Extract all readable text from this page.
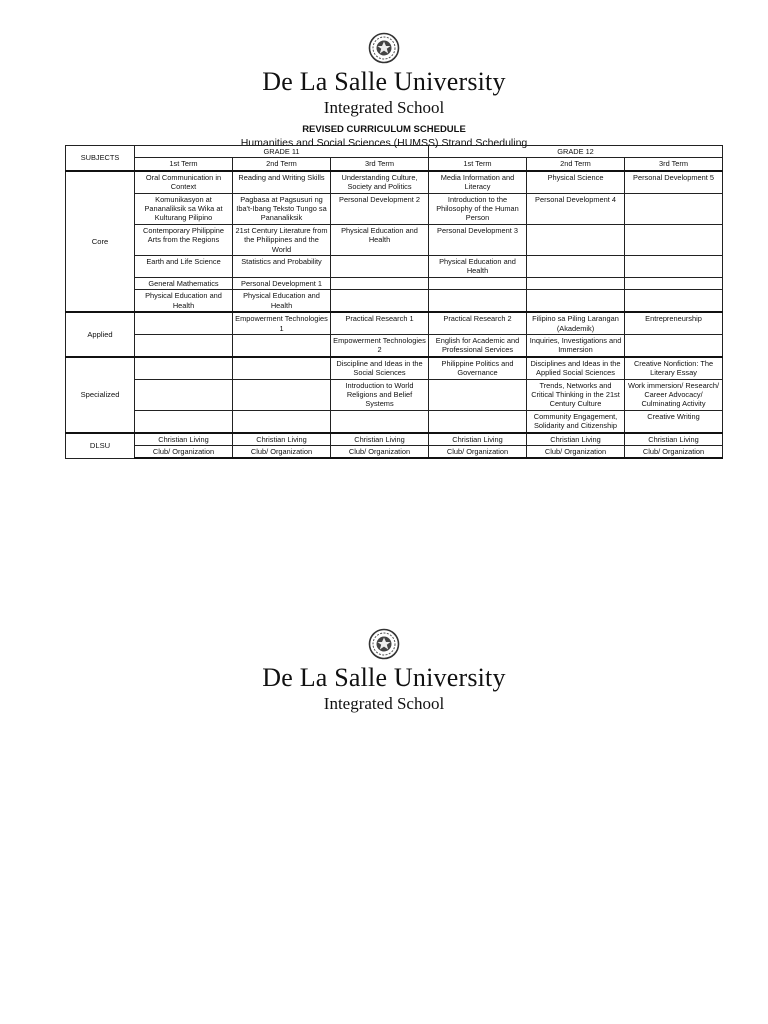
De La Salle University
Integrated School
REVISED CURRICULUM SCHEDULE
Humanities and Social Sciences (HUMSS) Strand Scheduling
SUBJECTS	GRADE 11			GRADE 12		
	1st Term	2nd Term	3rd Term	1st Term	2nd Term	3rd Term
Core	Oral Communication in Context	Reading and Writing Skills	Understanding Culture, Society and Politics	Media Information and Literacy	Physical Science	Personal Development 5
	Komunikasyon at Pananaliksik sa Wika at Kulturang Pilipino	Pagbasa at Pagsusuri ng Iba't-Ibang Teksto Tungo sa Pananaliksik	Personal Development 2	Introduction to the Philosophy of the Human Person	Personal Development 4	
	Contemporary Philippine Arts from the Regions	21st Century Literature from the Philippines and the World	Physical Education and Health	Personal Development 3		
	Earth and Life Science	Statistics and Probability		Physical Education and Health		
	General Mathematics	Personal Development 1				
	Physical Education and Health	Physical Education and Health				
Applied		Empowerment Technologies 1	Practical Research 1	Practical Research 2	Filipino sa Piling Larangan (Akademik)	Entrepreneurship
			Empowerment Technologies 2	English for Academic and Professional Services	Inquiries, Investigations and Immersion	
Specialized			Discipline and Ideas in the Social Sciences	Philippine Politics and Governance	Disciplines and Ideas in the Applied Social Sciences	Creative Nonfiction: The Literary Essay
			Introduction to World Religions and Belief Systems		Trends, Networks and Critical Thinking in the 21st Century Culture	Work immersion/ Research/ Career Advocacy/ Culminating Activity
					Community Engagement, Solidarity and Citizenship	Creative Writing
DLSU	Christian Living	Christian Living	Christian Living	Christian Living	Christian Living	Christian Living
	Club/ Organization	Club/ Organization	Club/ Organization	Club/ Organization	Club/ Organization	Club/ Organization
De La Salle University
Integrated School
